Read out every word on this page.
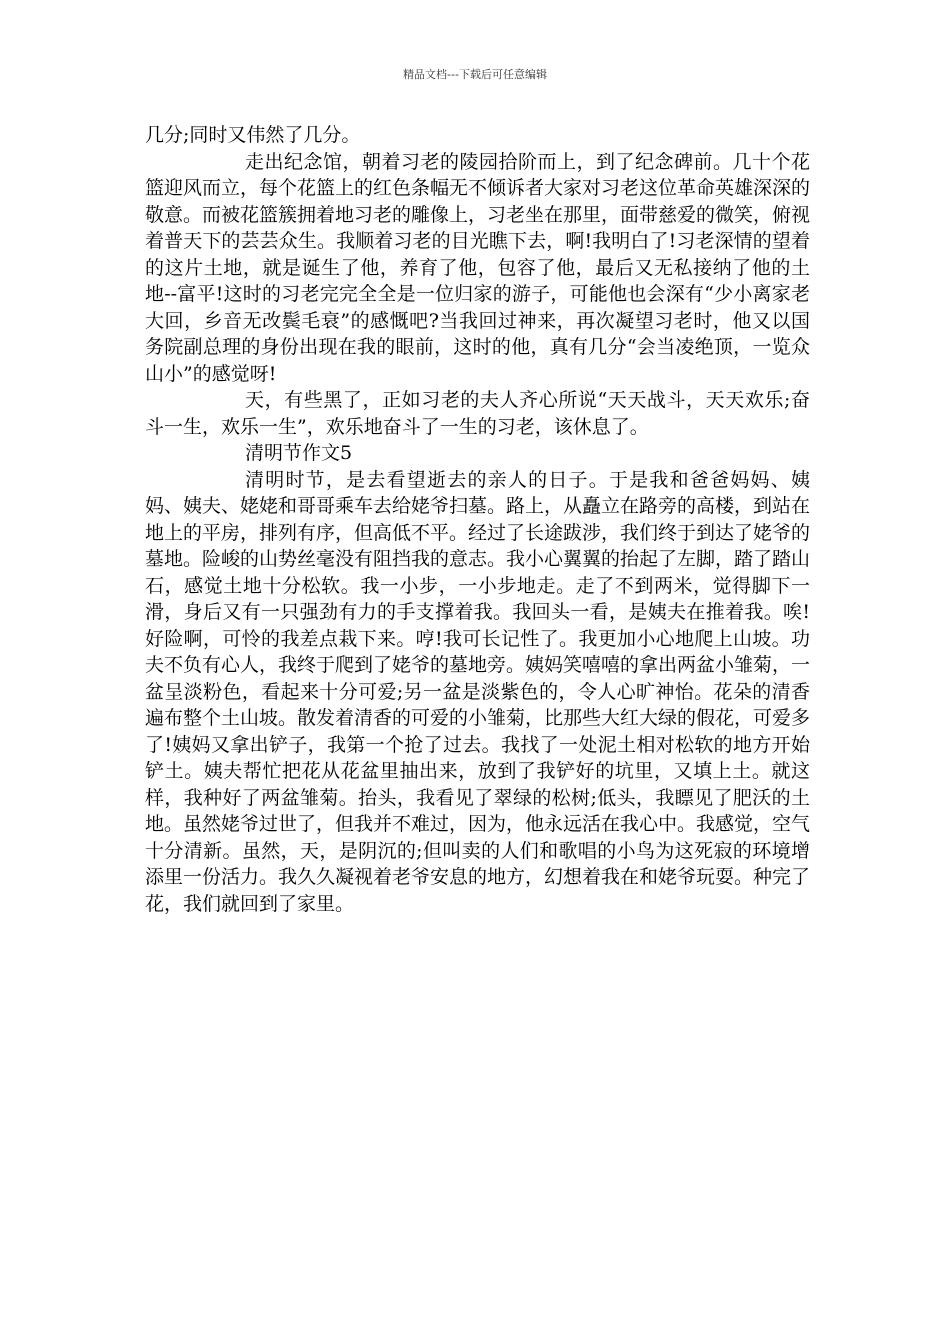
精品文档---下载后可任意编辑

几分;同时又伟然了几分。

走出纪念馆，朝着习老的陵园拾阶而上，到了纪念碑前。几十个花篮迎风而立，每个花篮上的红色条幅无不倾诉者大家对习老这位革命英雄深深的敬意。而被花篮簇拥着地习老的雕像上，习老坐在那里，面带慈爱的微笑，俯视着普天下的芸芸众生。我顺着习老的目光瞧下去，啊!我明白了!习老深情的望着的这片土地，就是诞生了他，养育了他，包容了他，最后又无私接纳了他的土地--富平!这时的习老完完全全是一位归家的游子，可能他也会深有“少小离家老大回，乡音无改鬓毛衰”的感慨吧?当我回过神来，再次凝望习老时，他又以国务院副总理的身份出现在我的眼前，这时的他，真有几分“会当凌绝顶，一览众山小”的感觉呀!

天，有些黑了，正如习老的夫人齐心所说“天天战斗，天天欢乐;奋斗一生，欢乐一生”，欢乐地奋斗了一生的习老，该休息了。

清明节作文5

清明时节，是去看望逝去的亲人的日子。于是我和爸爸妈妈、姨妈、姨夫、姥姥和哥哥乘车去给姥爷扫墓。路上，从矗立在路旁的高楼，到站在地上的平房，排列有序，但高低不平。经过了长途跋涉，我们终于到达了姥爷的墓地。险峻的山势丝毫没有阻挡我的意志。我小心翼翼的抬起了左脚，踏了踏山石，感觉土地十分松软。我一小步，一小步地走。走了不到两米，觉得脚下一滑，身后又有一只强劲有力的手支撑着我。我回头一看，是姨夫在推着我。唉!好险啊，可怜的我差点栽下来。哼!我可长记性了。我更加小心地爬上山坡。功夫不负有心人，我终于爬到了姥爷的墓地旁。姨妈笑嘻嘻的拿出两盆小雏菊，一盆呈淡粉色，看起来十分可爱;另一盆是淡紫色的，令人心旷神怡。花朵的清香遍布整个土山坡。散发着清香的可爱的小雏菊，比那些大红大绿的假花，可爱多了!姨妈又拿出铲子，我第一个抢了过去。我找了一处泥土相对松软的地方开始铲土。姨夫帮忙把花从花盆里抽出来，放到了我铲好的坑里，又填上土。就这样，我种好了两盆雏菊。抬头，我看见了翠绿的松树;低头，我瞟见了肥沃的土地。虽然姥爷过世了，但我并不难过，因为，他永远活在我心中。我感觉，空气十分清新。虽然，天，是阴沉的;但叫卖的人们和歌唱的小鸟为这死寂的环境增添里一份活力。我久久凝视着老爷安息的地方，幻想着我在和姥爷玩耍。种完了花，我们就回到了家里。
